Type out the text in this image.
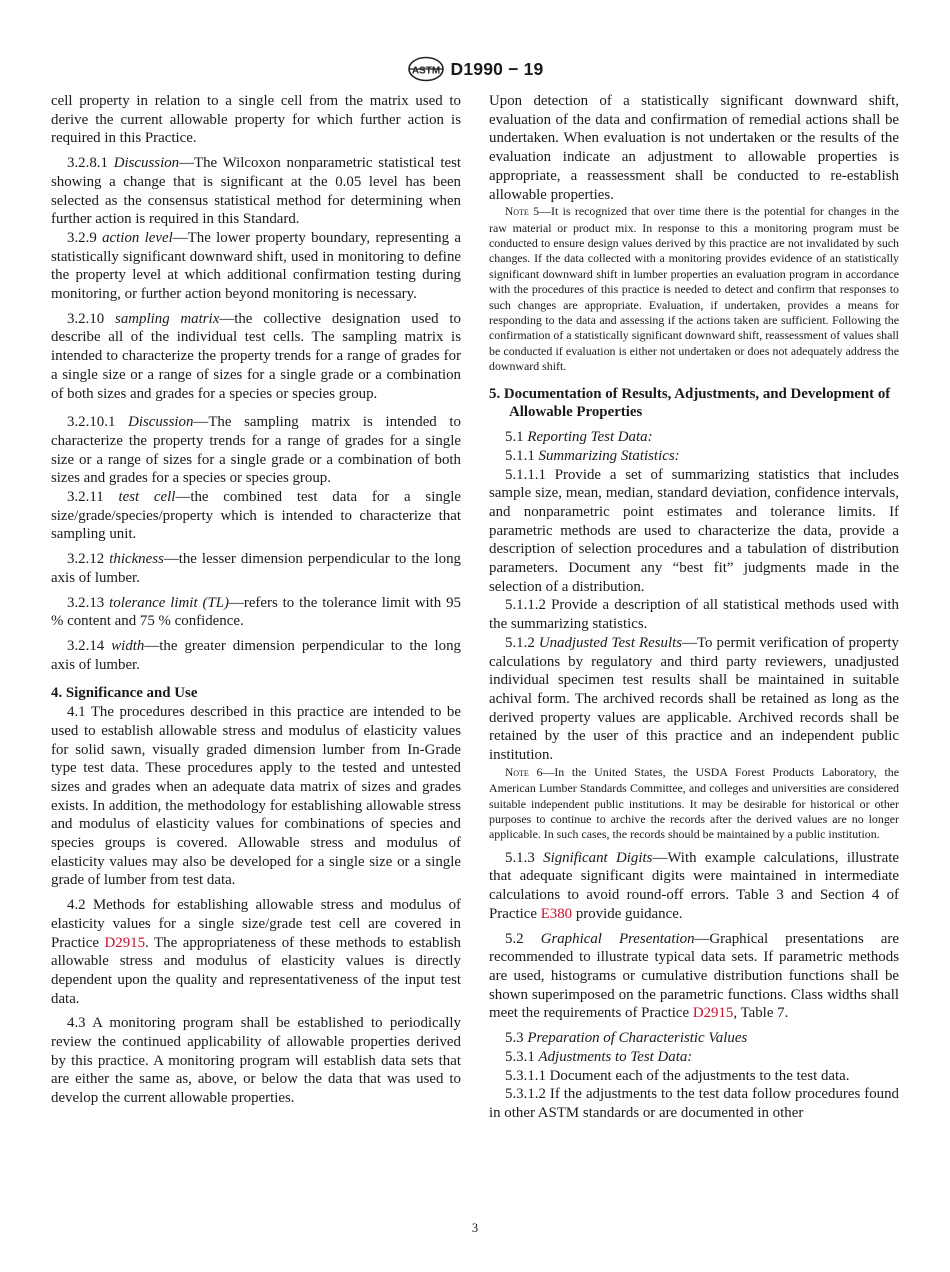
ASTM D1990 − 19

cell property in relation to a single cell from the matrix used to derive the current allowable property for which further action is required in this Practice.

3.2.8.1 Discussion—The Wilcoxon nonparametric statistical test showing a change that is significant at the 0.05 level has been selected as the consensus statistical method for determining when further action is required in this Standard.

3.2.9 action level—The lower property boundary, representing a statistically significant downward shift, used in monitoring to define the property level at which additional confirmation testing during monitoring, or further action beyond monitoring is necessary.

3.2.10 sampling matrix—the collective designation used to describe all of the individual test cells. The sampling matrix is intended to characterize the property trends for a range of grades for a single size or a range of sizes for a single grade or a combination of both sizes and grades for a species or species group.

3.2.10.1 Discussion—The sampling matrix is intended to characterize the property trends for a range of grades for a single size or a range of sizes for a single grade or a combination of both sizes and grades for a species or species group.

3.2.11 test cell—the combined test data for a single size/grade/species/property which is intended to characterize that sampling unit.

3.2.12 thickness—the lesser dimension perpendicular to the long axis of lumber.

3.2.13 tolerance limit (TL)—refers to the tolerance limit with 95 % content and 75 % confidence.

3.2.14 width—the greater dimension perpendicular to the long axis of lumber.

4. Significance and Use

4.1 The procedures described in this practice are intended to be used to establish allowable stress and modulus of elasticity values for solid sawn, visually graded dimension lumber from In-Grade type test data. These procedures apply to the tested and untested sizes and grades when an adequate data matrix of sizes and grades exists. In addition, the methodology for establishing allowable stress and modulus of elasticity values for combinations of species and species groups is covered. Allowable stress and modulus of elasticity values may also be developed for a single size or a single grade of lumber from test data.

4.2 Methods for establishing allowable stress and modulus of elasticity values for a single size/grade test cell are covered in Practice D2915. The appropriateness of these methods to establish allowable stress and modulus of elasticity values is directly dependent upon the quality and representativeness of the input test data.

4.3 A monitoring program shall be established to periodically review the continued applicability of allowable properties derived by this practice. A monitoring program will establish data sets that are either the same as, above, or below the data that was used to develop the current allowable properties.

Upon detection of a statistically significant downward shift, evaluation of the data and confirmation of remedial actions shall be undertaken. When evaluation is not undertaken or the results of the evaluation indicate an adjustment to allowable properties is appropriate, a reassessment shall be conducted to re-establish allowable properties.

Note 5—It is recognized that over time there is the potential for changes in the raw material or product mix. In response to this a monitoring program must be conducted to ensure design values derived by this practice are not invalidated by such changes. If the data collected with a monitoring provides evidence of an statistically significant downward shift in lumber properties an evaluation program in accordance with the procedures of this practice is needed to detect and confirm that responses to such changes are appropriate. Evaluation, if undertaken, provides a means for responding to the data and assessing if the actions taken are sufficient. Following the confirmation of a statistically significant downward shift, reassessment of values shall be conducted if evaluation is either not undertaken or does not adequately address the downward shift.

5. Documentation of Results, Adjustments, and Development of Allowable Properties

5.1 Reporting Test Data:

5.1.1 Summarizing Statistics:

5.1.1.1 Provide a set of summarizing statistics that includes sample size, mean, median, standard deviation, confidence intervals, and nonparametric point estimates and tolerance limits. If parametric methods are used to characterize the data, provide a description of selection procedures and a tabulation of distribution parameters. Document any “best fit” judgments made in the selection of a distribution.

5.1.1.2 Provide a description of all statistical methods used with the summarizing statistics.

5.1.2 Unadjusted Test Results—To permit verification of property calculations by regulatory and third party reviewers, unadjusted individual specimen test results shall be maintained in suitable achival form. The archived records shall be retained as long as the derived property values are applicable. Archived records shall be retained by the user of this practice and an independent public institution.

Note 6—In the United States, the USDA Forest Products Laboratory, the American Lumber Standards Committee, and colleges and universities are considered suitable independent public institutions. It may be desirable for historical or other purposes to continue to archive the records after the derived values are no longer applicable. In such cases, the records should be maintained by a public institution.

5.1.3 Significant Digits—With example calculations, illustrate that adequate significant digits were maintained in intermediate calculations to avoid round-off errors. Table 3 and Section 4 of Practice E380 provide guidance.

5.2 Graphical Presentation—Graphical presentations are recommended to illustrate typical data sets. If parametric methods are used, histograms or cumulative distribution functions shall be shown superimposed on the parametric functions. Class widths shall meet the requirements of Practice D2915, Table 7.

5.3 Preparation of Characteristic Values

5.3.1 Adjustments to Test Data:

5.3.1.1 Document each of the adjustments to the test data.

5.3.1.2 If the adjustments to the test data follow procedures found in other ASTM standards or are documented in other

3
